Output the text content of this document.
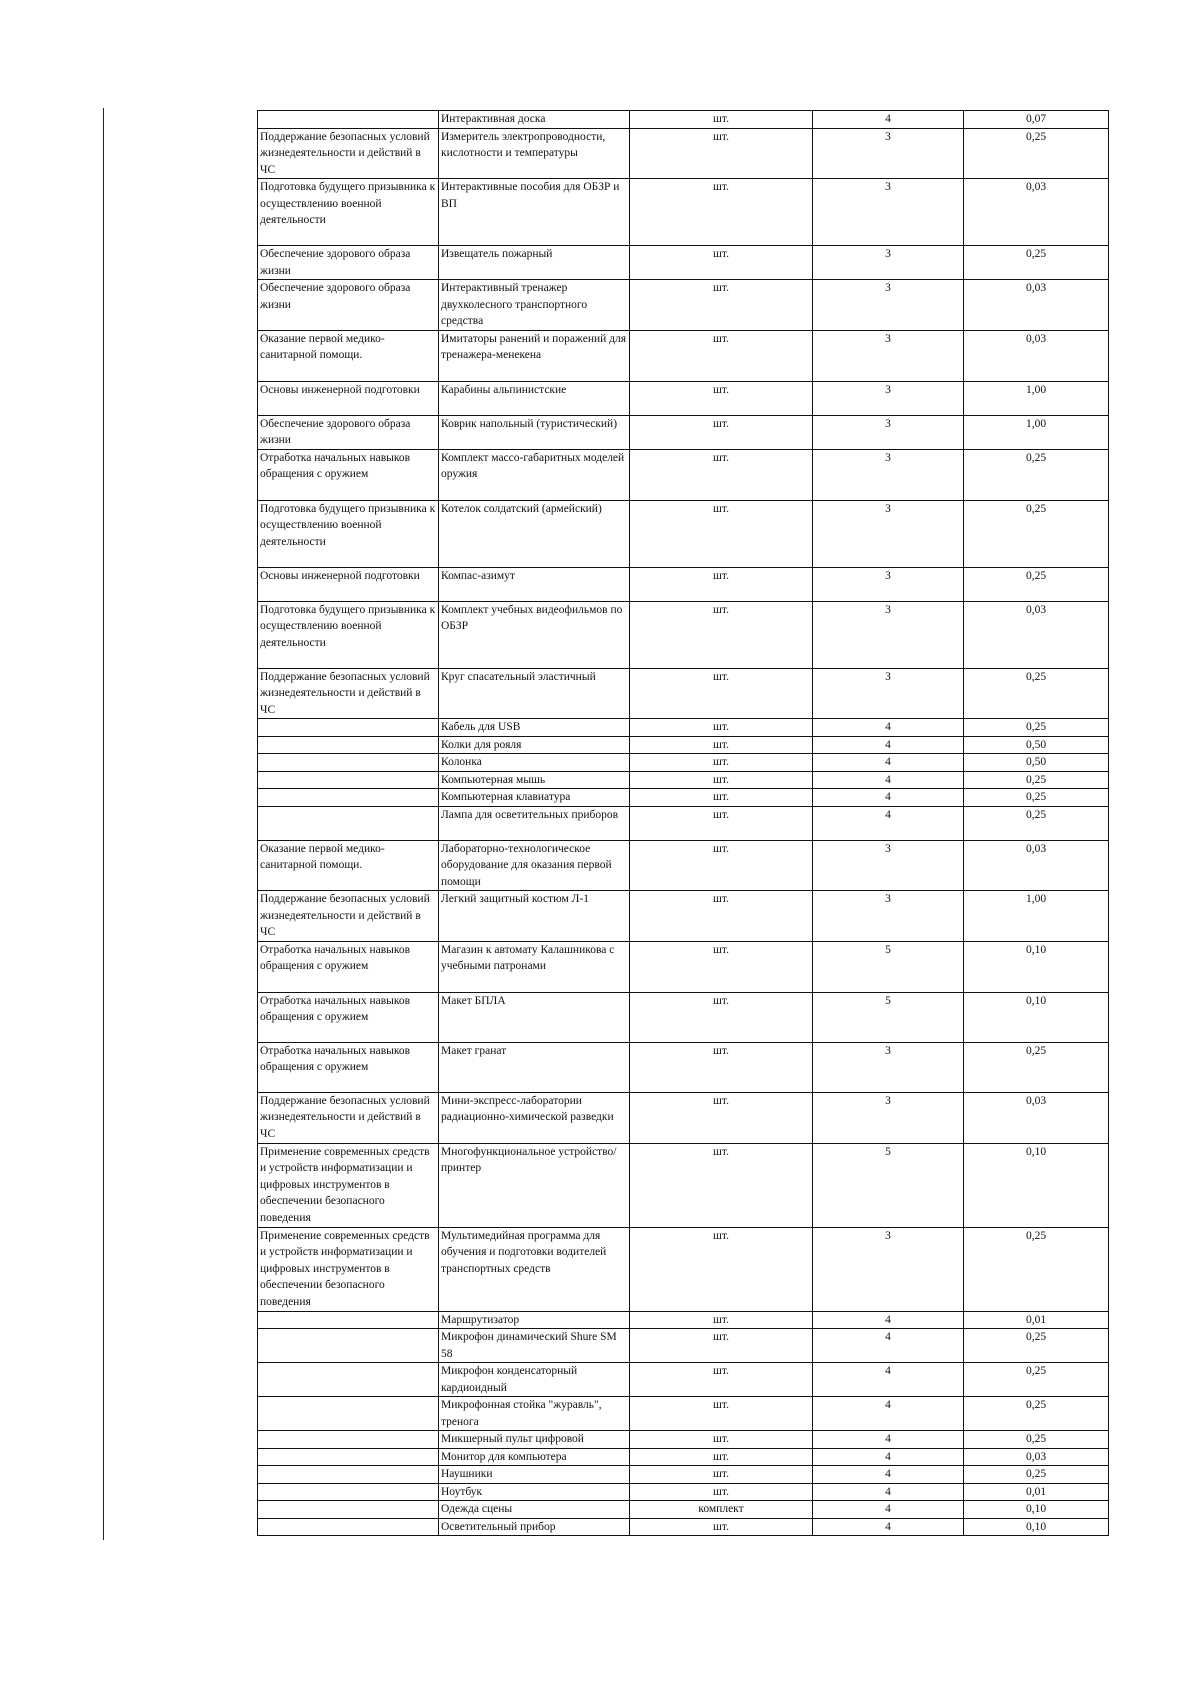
	Интерактивная доска	шт.	4	0,07
Поддержание безопасных условий жизнедеятельности и действий в ЧС	Измеритель электропроводности, кислотности и температуры	шт.	3	0,25
Подготовка будущего призывника к осуществлению военной деятельности	Интерактивные пособия для ОБЗР и ВП	шт.	3	0,03
Обеспечение здорового образа жизни	Извещатель пожарный	шт.	3	0,25
Обеспечение здорового образа жизни	Интерактивный тренажер двухколесного транспортного средства	шт.	3	0,03
Оказание первой медико-санитарной помощи.	Имитаторы ранений и поражений для тренажера-менекена	шт.	3	0,03
Основы инженерной подготовки	Карабины альпинистские	шт.	3	1,00
Обеспечение здорового образа жизни	Коврик напольный (туристический)	шт.	3	1,00
Отработка начальных навыков обращения с оружием	Комплект массо-габаритных моделей оружия	шт.	3	0,25
Подготовка будущего призывника к осуществлению военной деятельности	Котелок солдатский (армейский)	шт.	3	0,25
Основы инженерной подготовки	Компас-азимут	шт.	3	0,25
Подготовка будущего призывника к осуществлению военной деятельности	Комплект учебных видеофильмов по ОБЗР	шт.	3	0,03
Поддержание безопасных условий жизнедеятельности и действий в ЧС	Круг спасательный эластичный	шт.	3	0,25
	Кабель для USB	шт.	4	0,25
	Колки для рояля	шт.	4	0,50
	Колонка	шт.	4	0,50
	Компьютерная мышь	шт.	4	0,25
	Компьютерная клавиатура	шт.	4	0,25
	Лампа для осветительных приборов	шт.	4	0,25
Оказание первой медико-санитарной помощи.	Лабораторно-технологическое оборудование для оказания первой помощи	шт.	3	0,03
Поддержание безопасных условий жизнедеятельности и действий в ЧС	Легкий защитный костюм Л-1	шт.	3	1,00
Отработка начальных навыков обращения с оружием	Магазин к автомату Калашникова с учебными патронами	шт.	5	0,10
Отработка начальных навыков обращения с оружием	Макет БПЛА	шт.	5	0,10
Отработка начальных навыков обращения с оружием	Макет гранат	шт.	3	0,25
Поддержание безопасных условий жизнедеятельности и действий в ЧС	Мини-экспресс-лаборатории радиационно-химической разведки	шт.	3	0,03
Применение современных средств и устройств информатизации и цифровых инструментов в обеспечении безопасного поведения	Многофункциональное устройство/принтер	шт.	5	0,10
Применение современных средств и устройств информатизации и цифровых инструментов в обеспечении безопасного поведения	Мультимедийная программа для обучения и подготовки водителей транспортных средств	шт.	3	0,25
	Маршрутизатор	шт.	4	0,01
	Микрофон динамический Shure SM 58	шт.	4	0,25
	Микрофон конденсаторный кардиоидный	шт.	4	0,25
	Микрофонная стойка "журавль", тренога	шт.	4	0,25
	Микшерный пульт цифровой	шт.	4	0,25
	Монитор для компьютера	шт.	4	0,03
	Наушники	шт.	4	0,25
	Ноутбук	шт.	4	0,01
	Одежда сцены	комплект	4	0,10
	Осветительный прибор	шт.	4	0,10
